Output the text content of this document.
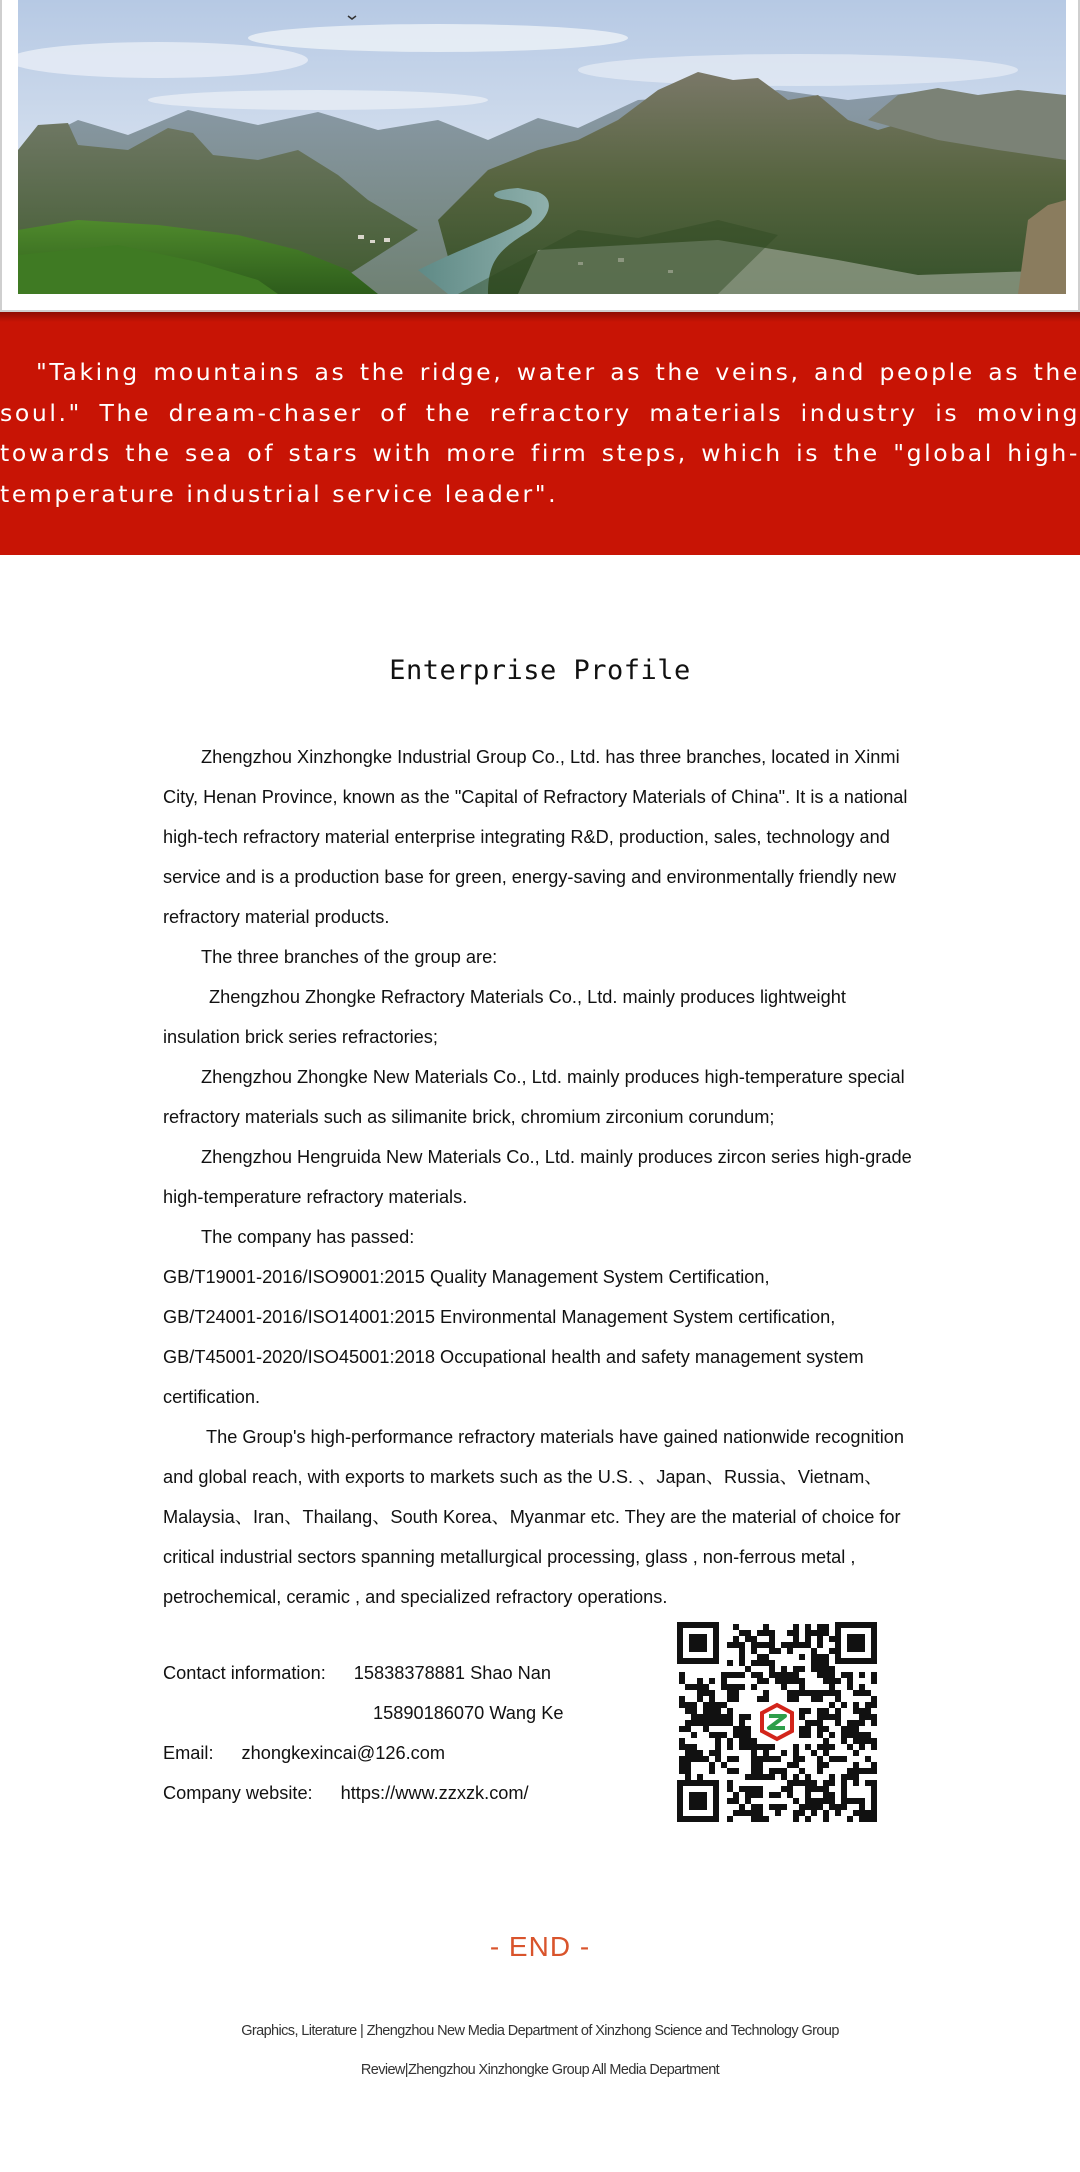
"Taking mountains as the ridge, water as the veins, and people as the soul." The dream-chaser of the refractory materials industry is moving towards the sea of stars with more firm steps, which is the "global high-temperature industrial service leader".

Enterprise Profile

Zhengzhou Xinzhongke Industrial Group Co., Ltd. has three branches, located in Xinmi City, Henan Province, known as the "Capital of Refractory Materials of China". It is a national high-tech refractory material enterprise integrating R&D, production, sales, technology and service and is a production base for green, energy-saving and environmentally friendly new refractory material products.

The three branches of the group are:

Zhengzhou Zhongke Refractory Materials Co., Ltd. mainly produces lightweight insulation brick series refractories;

Zhengzhou Zhongke New Materials Co., Ltd. mainly produces high-temperature special refractory materials such as silimanite brick, chromium zirconium corundum;

Zhengzhou Hengruida New Materials Co., Ltd. mainly produces zircon series high-grade high-temperature refractory materials.

The company has passed:

GB/T19001-2016/ISO9001:2015 Quality Management System Certification,

GB/T24001-2016/ISO14001:2015 Environmental Management System certification,

GB/T45001-2020/ISO45001:2018 Occupational health and safety management system certification.

The Group's high-performance refractory materials have gained nationwide recognition and global reach, with exports to markets such as the U.S. 、Japan、Russia、Vietnam、Malaysia、Iran、Thailang、South Korea、Myanmar etc. They are the material of choice for critical industrial sectors spanning metallurgical processing, glass , non-ferrous metal , petrochemical, ceramic , and specialized refractory operations.

Contact information: 15838378881 Shao Nan
15890186070 Wang Ke
Email: zhongkexincai@126.com
Company website: https://www.zzxzk.com/
- END -
Graphics, Literature | Zhengzhou New Media Department of Xinzhong Science and Technology Group
Review|Zhengzhou Xinzhongke Group All Media Department
